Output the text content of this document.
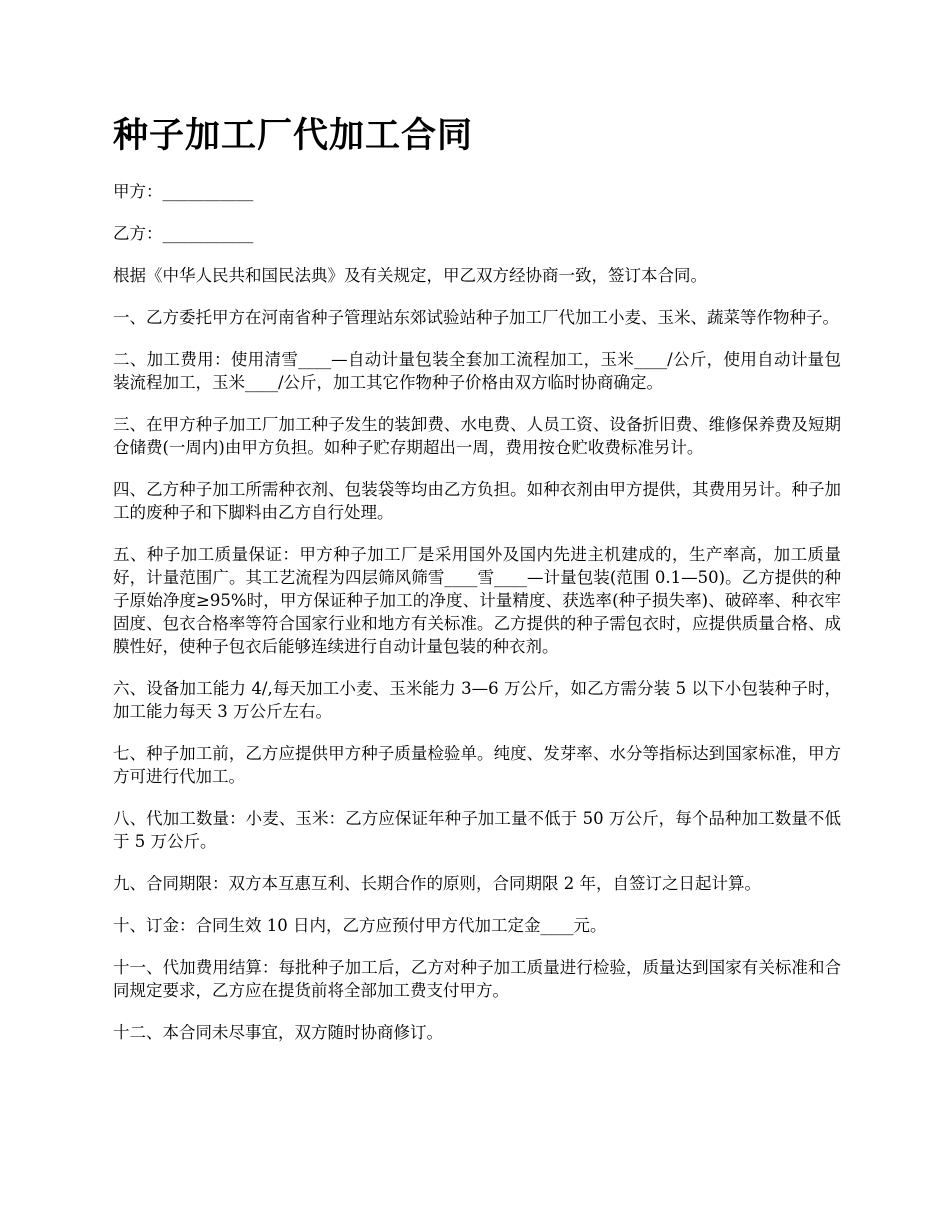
种子加工厂代加工合同

甲方：___________

乙方：___________

根据《中华人民共和国民法典》及有关规定，甲乙双方经协商一致，签订本合同。

一、乙方委托甲方在河南省种子管理站东郊试验站种子加工厂代加工小麦、玉米、蔬菜等作物种子。

二、加工费用：使用清雪____—自动计量包装全套加工流程加工，玉米____/公斤，使用自动计量包装流程加工，玉米____/公斤，加工其它作物种子价格由双方临时协商确定。

三、在甲方种子加工厂加工种子发生的装卸费、水电费、人员工资、设备折旧费、维修保养费及短期仓储费(一周内)由甲方负担。如种子贮存期超出一周，费用按仓贮收费标准另计。

四、乙方种子加工所需种衣剂、包装袋等均由乙方负担。如种衣剂由甲方提供，其费用另计。种子加工的废种子和下脚料由乙方自行处理。

五、种子加工质量保证：甲方种子加工厂是采用国外及国内先进主机建成的，生产率高，加工质量好，计量范围广。其工艺流程为四层筛风筛雪____雪____—计量包装(范围 0.1—50)。乙方提供的种子原始净度≥95%时，甲方保证种子加工的净度、计量精度、获选率(种子损失率)、破碎率、种衣牢固度、包衣合格率等符合国家行业和地方有关标准。乙方提供的种子需包衣时，应提供质量合格、成膜性好，使种子包衣后能够连续进行自动计量包装的种衣剂。

六、设备加工能力 4/,每天加工小麦、玉米能力 3—6 万公斤，如乙方需分装 5 以下小包装种子时，加工能力每天 3 万公斤左右。

七、种子加工前，乙方应提供甲方种子质量检验单。纯度、发芽率、水分等指标达到国家标准，甲方方可进行代加工。

八、代加工数量：小麦、玉米：乙方应保证年种子加工量不低于 50 万公斤，每个品种加工数量不低于 5 万公斤。

九、合同期限：双方本互惠互利、长期合作的原则，合同期限 2 年，自签订之日起计算。

十、订金：合同生效 10 日内，乙方应预付甲方代加工定金____元。

十一、代加费用结算：每批种子加工后，乙方对种子加工质量进行检验，质量达到国家有关标准和合同规定要求，乙方应在提货前将全部加工费支付甲方。

十二、本合同未尽事宜，双方随时协商修订。
